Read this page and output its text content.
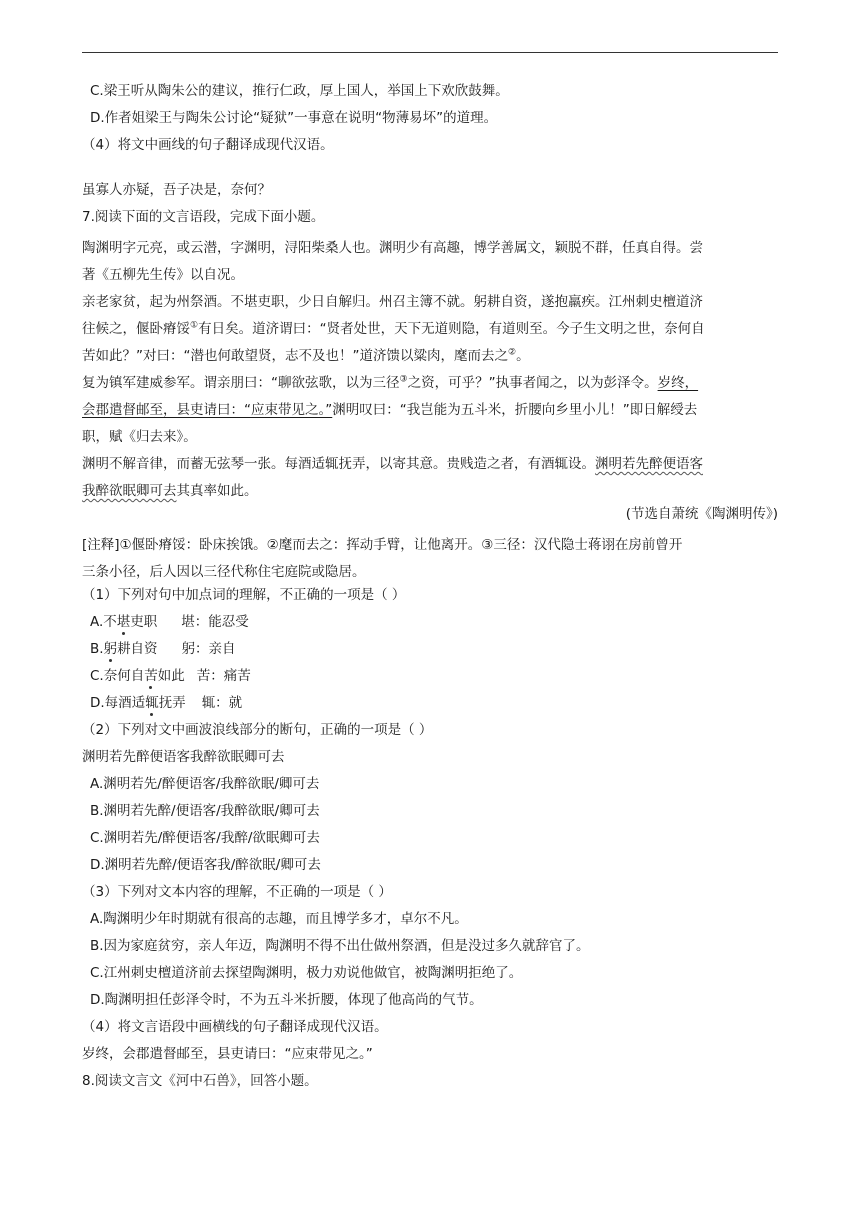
C.梁王听从陶朱公的建议，推行仁政，厚上国人，举国上下欢欣鼓舞。
D.作者姐梁王与陶朱公讨论“疑狱”一事意在说明“物薄易坏”的道理。
（4）将文中画线的句子翻译成现代汉语。
虽寡人亦疑，吾子决是，奈何？
7.阅读下面的文言语段，完成下面小题。
陶渊明字元亮，或云潜，字渊明，浔阳柴桑人也。渊明少有高趣，博学善属文，颖脱不群，任真自得。尝
著《五柳先生传》以自况。
亲老家贫，起为州祭酒。不堪吏职，少日自解归。州召主簿不就。躬耕自资，遂抱羸疾。江州刺史檀道济
往候之，偃卧瘠馁①有日矣。道济谓曰：“贤者处世，天下无道则隐，有道则至。今子生文明之世，奈何自
苦如此？”对曰：“潜也何敢望贤，志不及也！”道济馈以粱肉，麾而去之②。
复为镇军建威参军。谓亲朋曰：“聊欲弦歌，以为三径③之资，可乎？”执事者闻之，以为彭泽令。岁终，
会郡遣督邮至，县吏请曰：“应束带见之。”渊明叹曰：“我岂能为五斗米，折腰向乡里小儿！”即日解绶去
职，赋《归去来》。
渊明不解音律，而蓄无弦琴一张。每酒适辄抚弄，以寄其意。贵贱造之者，有酒辄设。渊明若先醉便语客
我醉欲眠卿可去其真率如此。
(节选自萧统《陶渊明传》)
[注释]①偃卧瘠馁：卧床挨饿。②麾而去之：挥动手臂，让他离开。③三径：汉代隐士蒋诩在房前曾开
三条小径，后人因以三径代称住宅庭院或隐居。
（1）下列对句中加点词的理解，不正确的一项是（ ）
A.不堪吏职 堪：能忍受
B.躬耕自资 躬：亲自
C.奈何自苦如此 苦：痛苦
D.每酒适辄抚弄 辄：就
（2）下列对文中画波浪线部分的断句，正确的一项是（ ）
渊明若先醉便语客我醉欲眠卿可去
A.渊明若先/醉便语客/我醉欲眠/卿可去
B.渊明若先醉/便语客/我醉欲眠/卿可去
C.渊明若先/醉便语客/我醉/欲眠卿可去
D.渊明若先醉/便语客我/醉欲眠/卿可去
（3）下列对文本内容的理解，不正确的一项是（ ）
A.陶渊明少年时期就有很高的志趣，而且博学多才，卓尔不凡。
B.因为家庭贫穷，亲人年迈，陶渊明不得不出仕做州祭酒，但是没过多久就辞官了。
C.江州刺史檀道济前去探望陶渊明，极力劝说他做官，被陶渊明拒绝了。
D.陶渊明担任彭泽令时，不为五斗米折腰，体现了他高尚的气节。
（4）将文言语段中画横线的句子翻译成现代汉语。
岁终，会郡遣督邮至，县吏请曰：“应束带见之。”
8.阅读文言文《河中石兽》，回答小题。
